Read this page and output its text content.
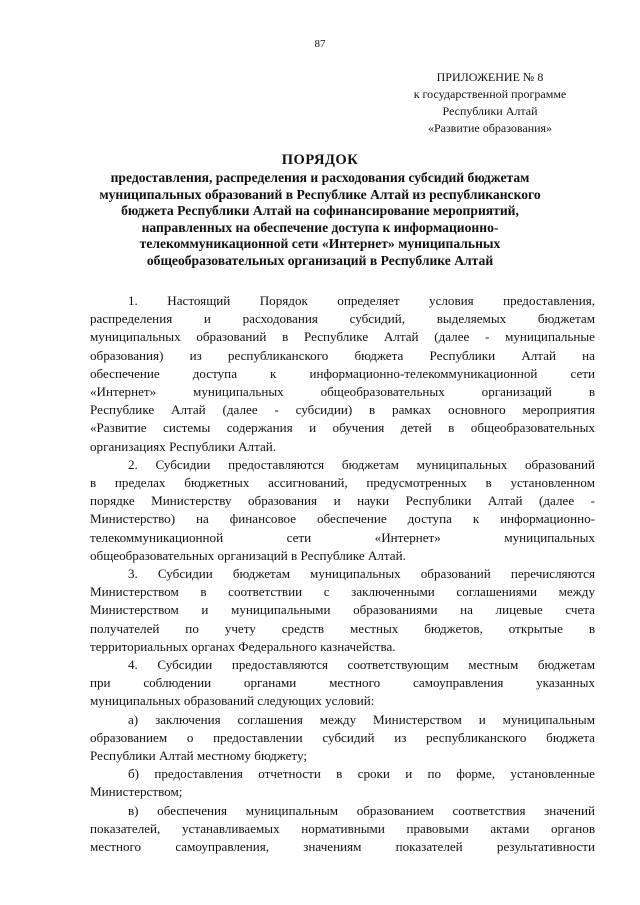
87
ПРИЛОЖЕНИЕ № 8
к государственной программе
Республики Алтай
«Развитие образования»
ПОРЯДОК
предоставления, распределения и расходования субсидий бюджетам
муниципальных образований в Республике Алтай из республиканского
бюджета Республики Алтай на софинансирование мероприятий,
направленных на обеспечение доступа к информационно-
телекоммуникационной сети «Интернет» муниципальных
общеобразовательных организаций в Республике Алтай
1. Настоящий Порядок определяет условия предоставления,
распределения и расходования субсидий, выделяемых бюджетам
муниципальных образований в Республике Алтай (далее - муниципальные
образования) из республиканского бюджета Республики Алтай на
обеспечение доступа к информационно-телекоммуникационной сети
«Интернет» муниципальных общеобразовательных организаций в
Республике Алтай (далее - субсидии) в рамках основного мероприятия
«Развитие системы содержания и обучения детей в общеобразовательных
организациях Республики Алтай.
2. Субсидии предоставляются бюджетам муниципальных образований
в пределах бюджетных ассигнований, предусмотренных в установленном
порядке Министерству образования и науки Республики Алтай (далее -
Министерство) на финансовое обеспечение доступа к информационно-
телекоммуникационной сети «Интернет» муниципальных
общеобразовательных организаций в Республике Алтай.
3. Субсидии бюджетам муниципальных образований перечисляются
Министерством в соответствии с заключенными соглашениями между
Министерством и муниципальными образованиями на лицевые счета
получателей по учету средств местных бюджетов, открытые в
территориальных органах Федерального казначейства.
4. Субсидии предоставляются соответствующим местным бюджетам
при соблюдении органами местного самоуправления указанных
муниципальных образований следующих условий:
а) заключения соглашения между Министерством и муниципальным
образованием о предоставлении субсидий из республиканского бюджета
Республики Алтай местному бюджету;
б) предоставления отчетности в сроки и по форме, установленные
Министерством;
в) обеспечения муниципальным образованием соответствия значений
показателей, устанавливаемых нормативными правовыми актами органов
местного самоуправления, значениям показателей результативности
